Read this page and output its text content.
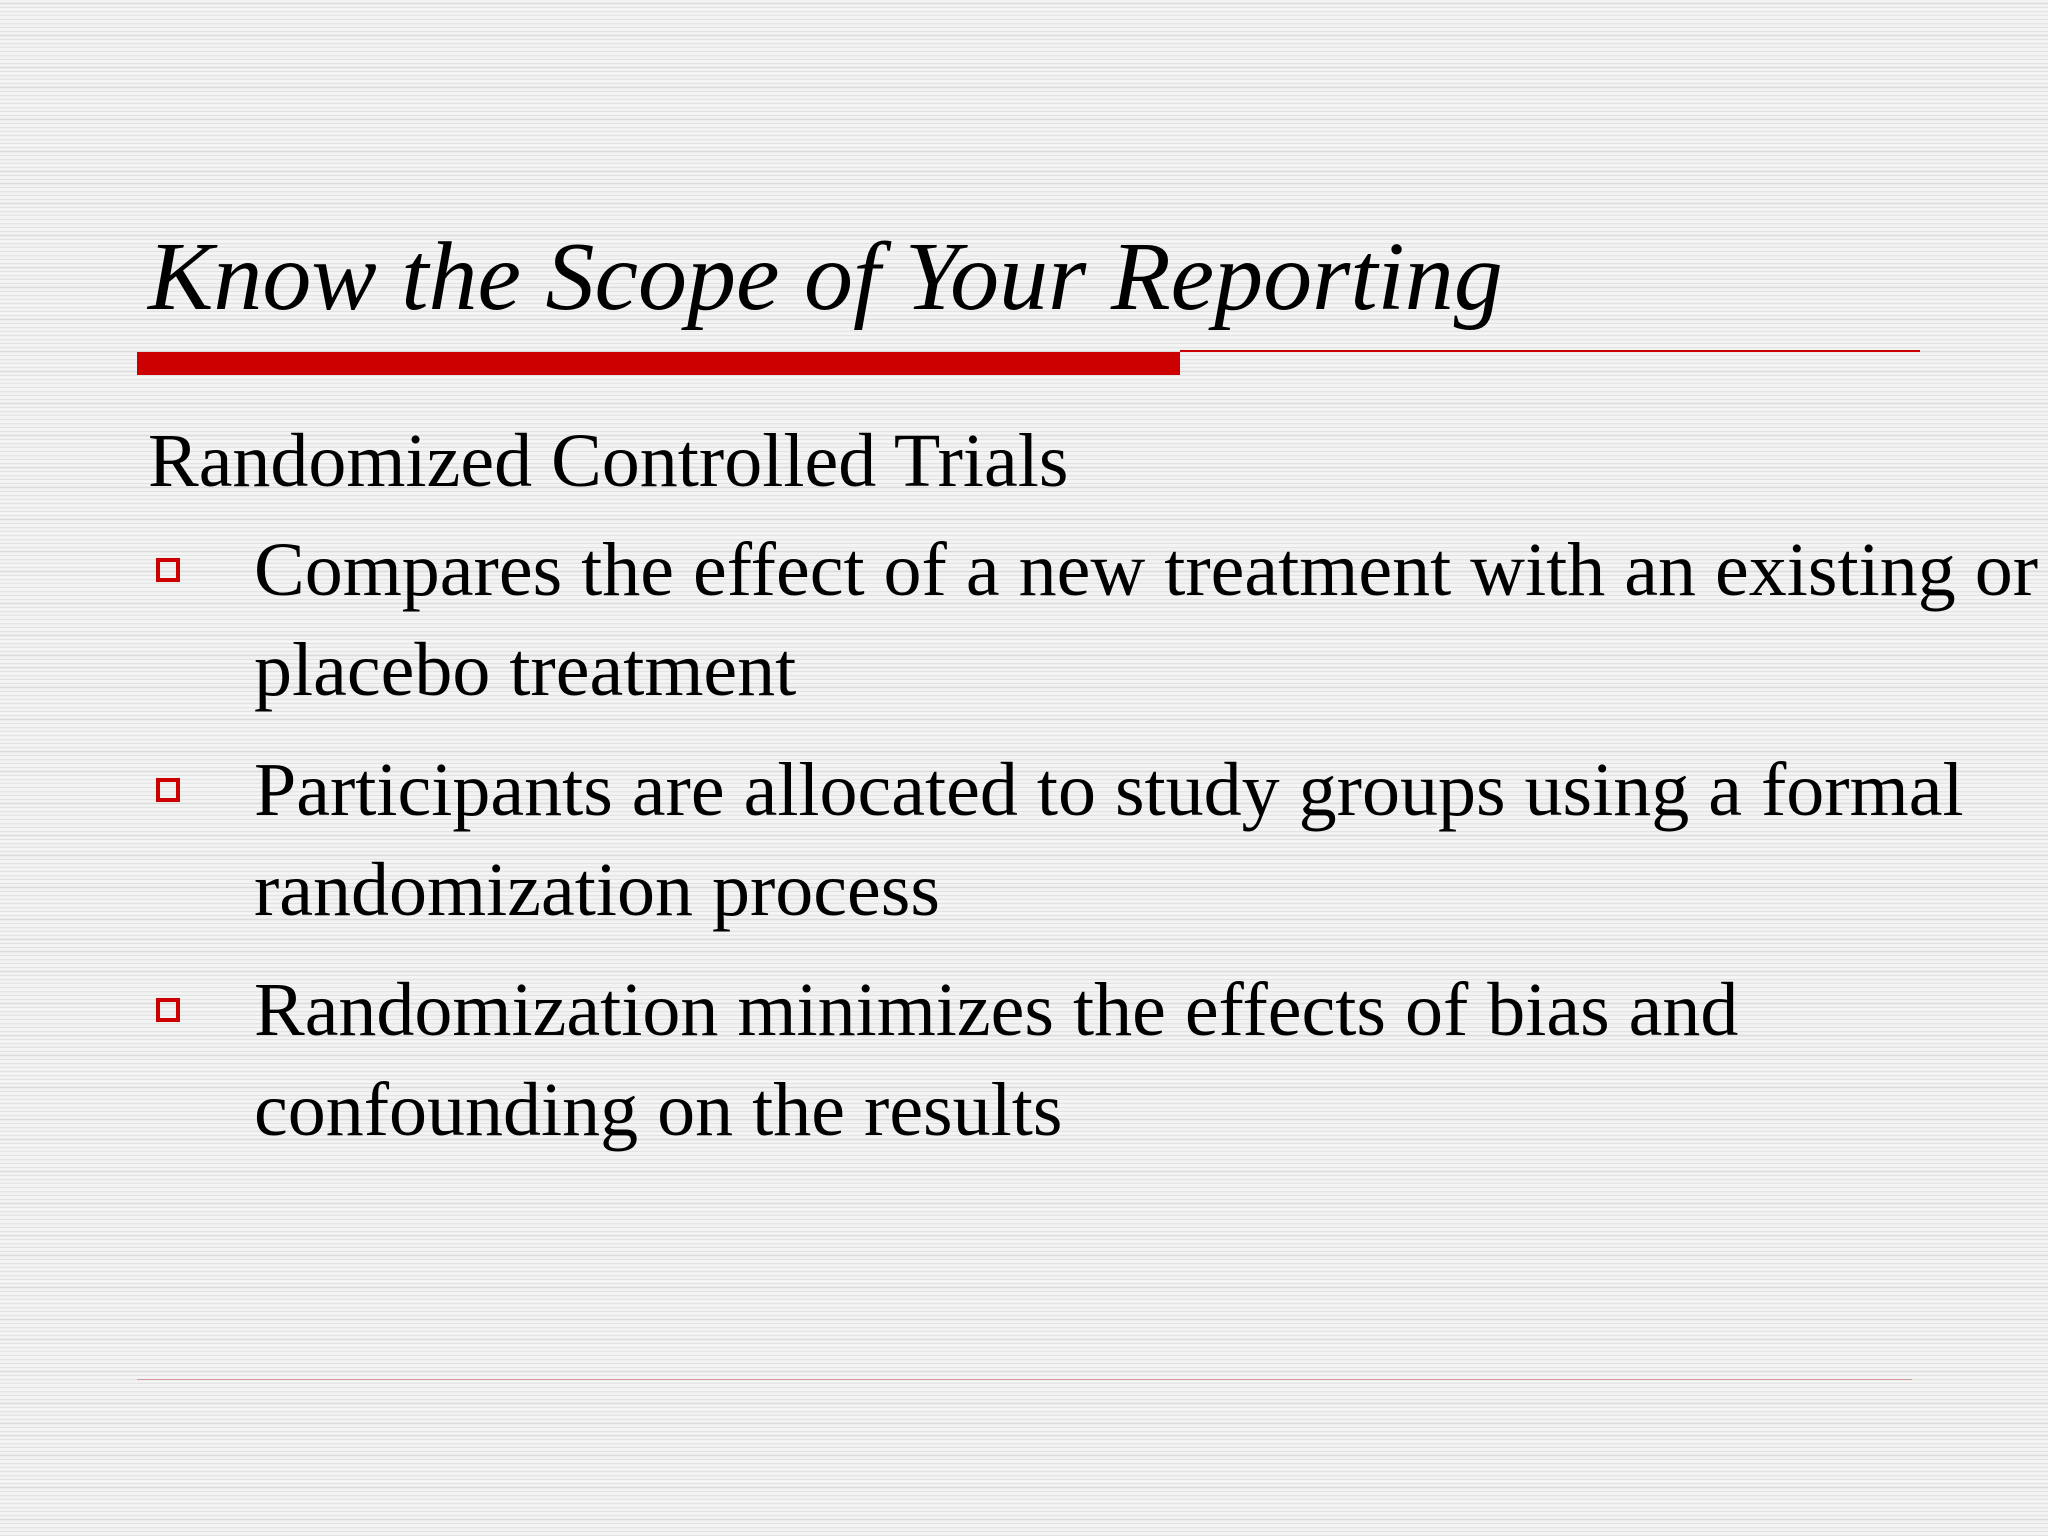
Know the Scope of Your Reporting

Randomized Controlled Trials

Compares the effect of a new treatment with an existing or placebo treatment
Participants are allocated to study groups using a formal randomization process
Randomization minimizes the effects of bias and confounding on the results
